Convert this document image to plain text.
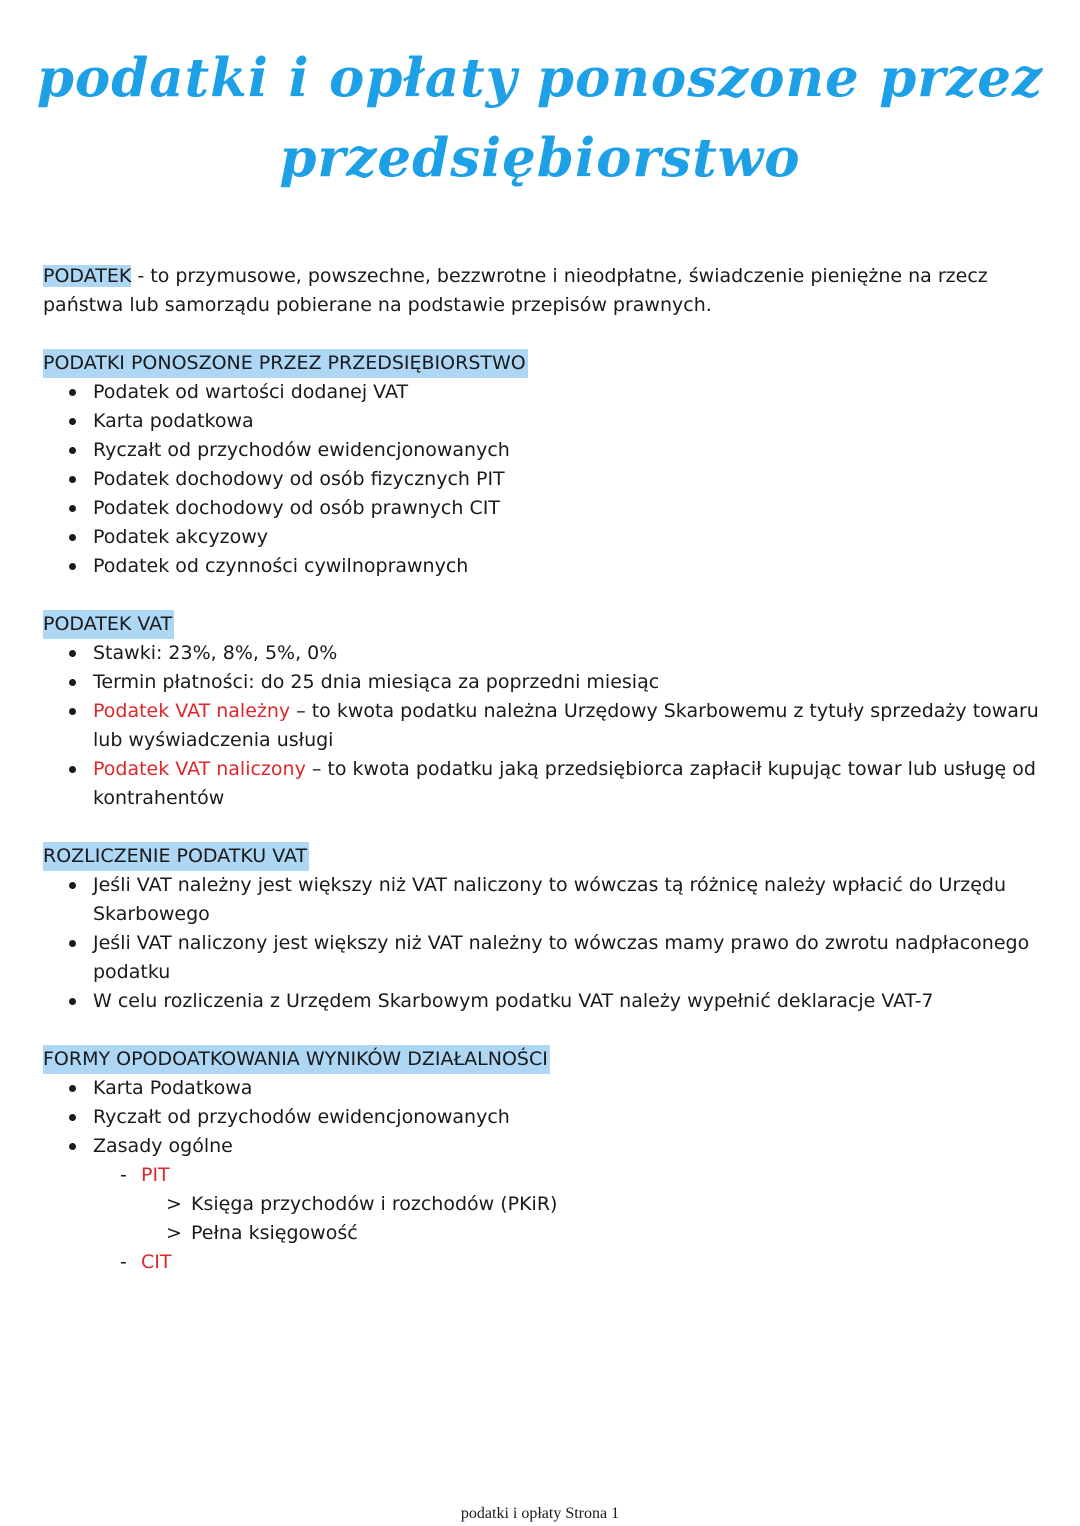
podatki i opłaty ponoszone przez
przedsiębiorstwo

PODATEK - to przymusowe, powszechne, bezzwrotne i nieodpłatne, świadczenie pieniężne na rzecz państwa lub samorządu pobierane na podstawie przepisów prawnych.

PODATKI PONOSZONE PRZEZ PRZEDSIĘBIORSTWO
Podatek od wartości dodanej VAT
Karta podatkowa
Ryczałt od przychodów ewidencjonowanych
Podatek dochodowy od osób fizycznych PIT
Podatek dochodowy od osób prawnych CIT
Podatek akcyzowy
Podatek od czynności cywilnoprawnych
PODATEK VAT
Stawki: 23%, 8%, 5%, 0%
Termin płatności: do 25 dnia miesiąca za poprzedni miesiąc
Podatek VAT należny – to kwota podatku należna Urzędowy Skarbowemu z tytuły sprzedaży towaru lub wyświadczenia usługi
Podatek VAT naliczony – to kwota podatku jaką przedsiębiorca zapłacił kupując towar lub usługę od kontrahentów
ROZLICZENIE PODATKU VAT
Jeśli VAT należny jest większy niż VAT naliczony to wówczas tą różnicę należy wpłacić do Urzędu Skarbowego
Jeśli VAT naliczony jest większy niż VAT należny to wówczas mamy prawo do zwrotu nadpłaconego podatku
W celu rozliczenia z Urzędem Skarbowym podatku VAT należy wypełnić deklaracje VAT-7
FORMY OPODOATKOWANIA WYNIKÓW DZIAŁALNOŚCI
Karta Podatkowa
Ryczałt od przychodów ewidencjonowanych
Zasady ogólne
- PIT
> Księga przychodów i rozchodów (PKiR)
> Pełna księgowość
- CIT
podatki i opłaty Strona 1
